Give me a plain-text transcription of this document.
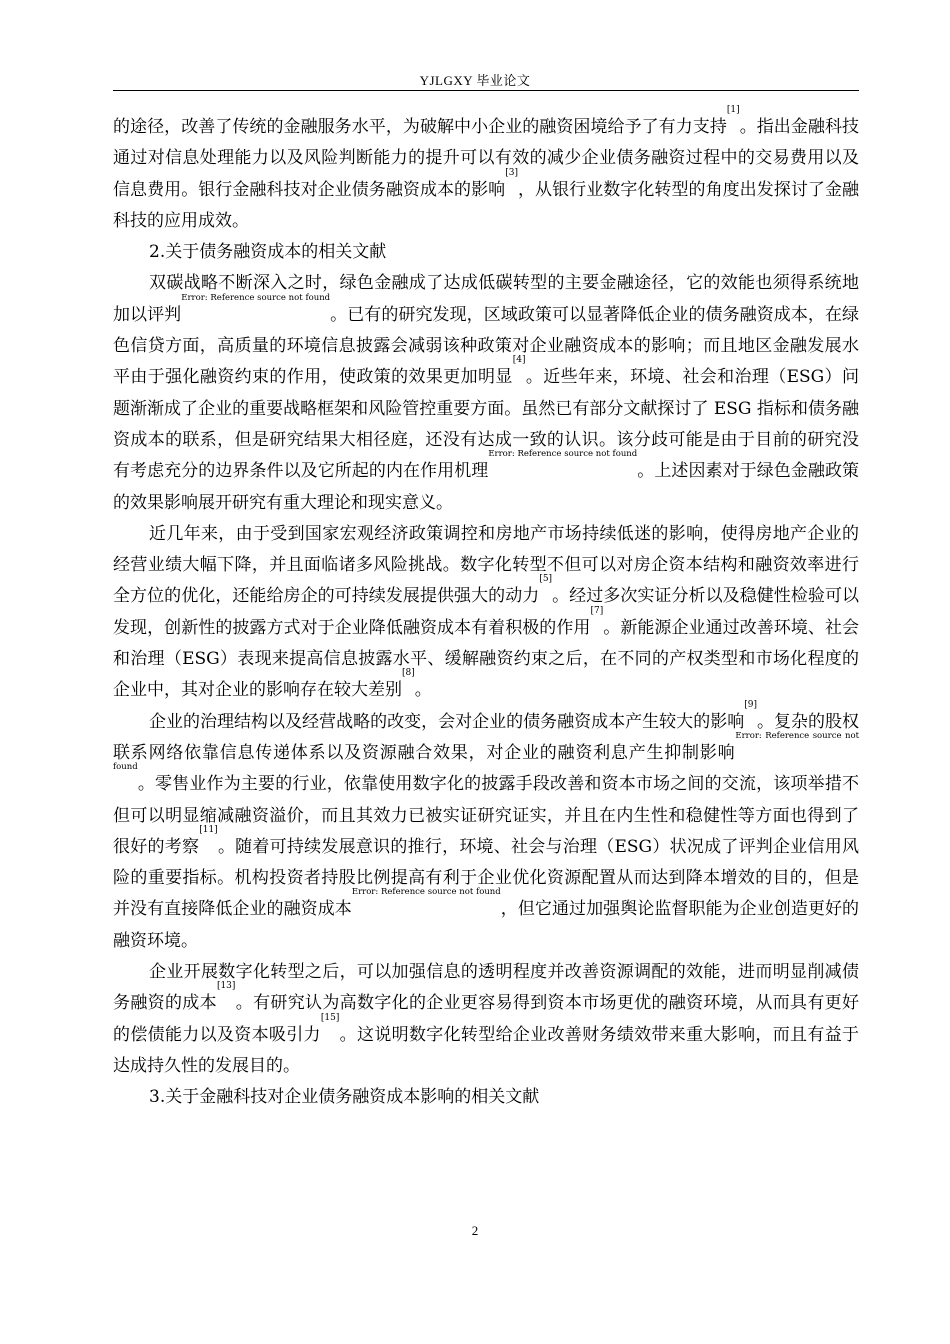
YJLGXY 毕业论文

的途径，改善了传统的金融服务水平，为破解中小企业的融资困境给予了有力支持[1]。指出金融科技通过对信息处理能力以及风险判断能力的提升可以有效的减少企业债务融资过程中的交易费用以及信息费用。银行金融科技对企业债务融资成本的影响[3]，从银行业数字化转型的角度出发探讨了金融科技的应用成效。

2.关于债务融资成本的相关文献

双碳战略不断深入之时，绿色金融成了达成低碳转型的主要金融途径，它的效能也须得系统地加以评判$^{Error: Reference source not found}$。已有的研究发现，区域政策可以显著降低企业的债务融资成本，在绿色信贷方面，高质量的环境信息披露会减弱该种政策对企业融资成本的影响；而且地区金融发展水平由于强化融资约束的作用，使政策的效果更加明显[4]。近些年来，环境、社会和治理（ESG）问题渐渐成了企业的重要战略框架和风险管控重要方面。虽然已有部分文献探讨了 ESG 指标和债务融资成本的联系，但是研究结果大相径庭，还没有达成一致的认识。该分歧可能是由于目前的研究没有考虑充分的边界条件以及它所起的内在作用机理$^{Error: Reference source not found}$。上述因素对于绿色金融政策的效果影响展开研究有重大理论和现实意义。

近几年来，由于受到国家宏观经济政策调控和房地产市场持续低迷的影响，使得房地产企业的经营业绩大幅下降，并且面临诸多风险挑战。数字化转型不但可以对房企资本结构和融资效率进行全方位的优化，还能给房企的可持续发展提供强大的动力[5]。经过多次实证分析以及稳健性检验可以发现，创新性的披露方式对于企业降低融资成本有着积极的作用[7]。新能源企业通过改善环境、社会和治理（ESG）表现来提高信息披露水平、缓解融资约束之后，在不同的产权类型和市场化程度的企业中，其对企业的影响存在较大差别[8]。

企业的治理结构以及经营战略的改变，会对企业的债务融资成本产生较大的影响[9]。复杂的股权联系网络依靠信息传递体系以及资源融合效果，对企业的融资利息产生抑制影响$^{Error: Reference source not found}$。零售业作为主要的行业，依靠使用数字化的披露手段改善和资本市场之间的交流，该项举措不但可以明显缩减融资溢价，而且其效力已被实证研究证实，并且在内生性和稳健性等方面也得到了很好的考察[11]。随着可持续发展意识的推行，环境、社会与治理（ESG）状况成了评判企业信用风险的重要指标。机构投资者持股比例提高有利于企业优化资源配置从而达到降本增效的目的，但是并没有直接降低企业的融资成本$^{Error: Reference source not found}$，但它通过加强舆论监督职能为企业创造更好的融资环境。

企业开展数字化转型之后，可以加强信息的透明程度并改善资源调配的效能，进而明显削减债务融资的成本[13]。有研究认为高数字化的企业更容易得到资本市场更优的融资环境，从而具有更好的偿债能力以及资本吸引力[15]。这说明数字化转型给企业改善财务绩效带来重大影响，而且有益于达成持久性的发展目的。

3.关于金融科技对企业债务融资成本影响的相关文献

2
